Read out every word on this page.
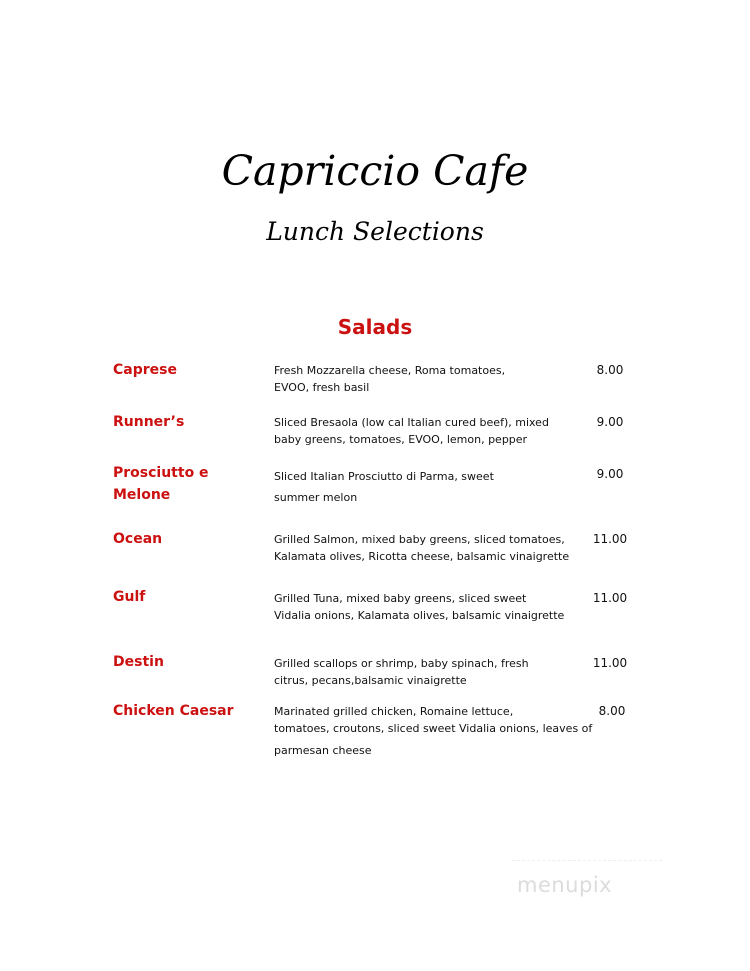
Capriccio Cafe
Lunch Selections
Salads
Caprese	Fresh Mozzarella cheese, Roma tomatoes,
EVOO, fresh basil
8.00
Runner’s	Sliced Bresaola (low cal Italian cured beef), mixed
baby greens, tomatoes, EVOO, lemon, pepper
9.00
Prosciutto e
Melone
Sliced Italian Prosciutto di Parma, sweet
summer melon
9.00
Ocean	Grilled Salmon, mixed baby greens, sliced tomatoes,
Kalamata olives, Ricotta cheese, balsamic vinaigrette
11.00
Gulf	Grilled Tuna, mixed baby greens, sliced sweet
Vidalia onions, Kalamata olives, balsamic vinaigrette
11.00
Destin	Grilled scallops or shrimp, baby spinach, fresh
citrus, pecans,balsamic vinaigrette
11.00
Chicken Caesar	Marinated grilled chicken, Romaine lettuce,
tomatoes, croutons, sliced sweet Vidalia onions, leaves of
parmesan cheese
8.00
menupix
